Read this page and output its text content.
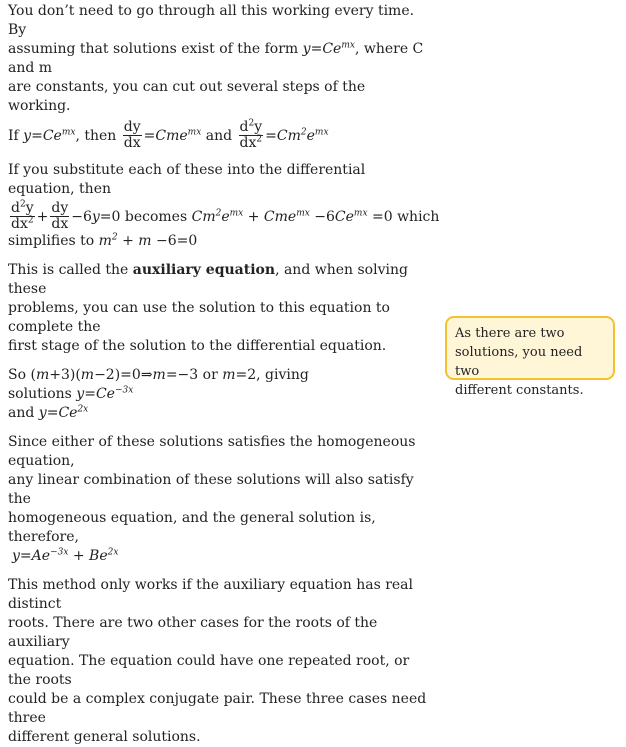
You don’t need to go through all this working every time. By

assuming that solutions exist of the form $y=Ce^{mx}$, where C and m

are constants, you can cut out several steps of the working.

If
$y=Ce^{mx}$ , then
$\frac{dy}{dx} =Cme^{mx}$
and
$\frac{d^2y}{dx^2} =Cm^2e^{mx}$

If you substitute each of these into the differential equation, then

$\frac{d^2y}{dx^2} + \frac{dy}{dx} -6y=0$
becomes
$Cm^2e^{mx} + Cme^{mx} -6Ce^{mx} =0$
which

simplifies to $m^2 + m -6=0$

This is called the auxiliary equation, and when solving these

problems, you can use the solution to this equation to complete the

first stage of the solution to the differential equation.

So (m+3)(m−2)=0⇒m=−3 or m=2, giving solutions $y=Ce^{-3x}$

and $y=Ce^{2x}$

Since either of these solutions satisfies the homogeneous equation,

any linear combination of these solutions will also satisfy the

homogeneous equation, and the general solution is, therefore,

$y=Ae^{-3x} + Be^{2x}$

This method only works if the auxiliary equation has real distinct

roots. There are two other cases for the roots of the auxiliary

equation. The equation could have one repeated root, or the roots

could be a complex conjugate pair. These three cases need three

different general solutions.

As there are two
solutions, you need two
different constants.
